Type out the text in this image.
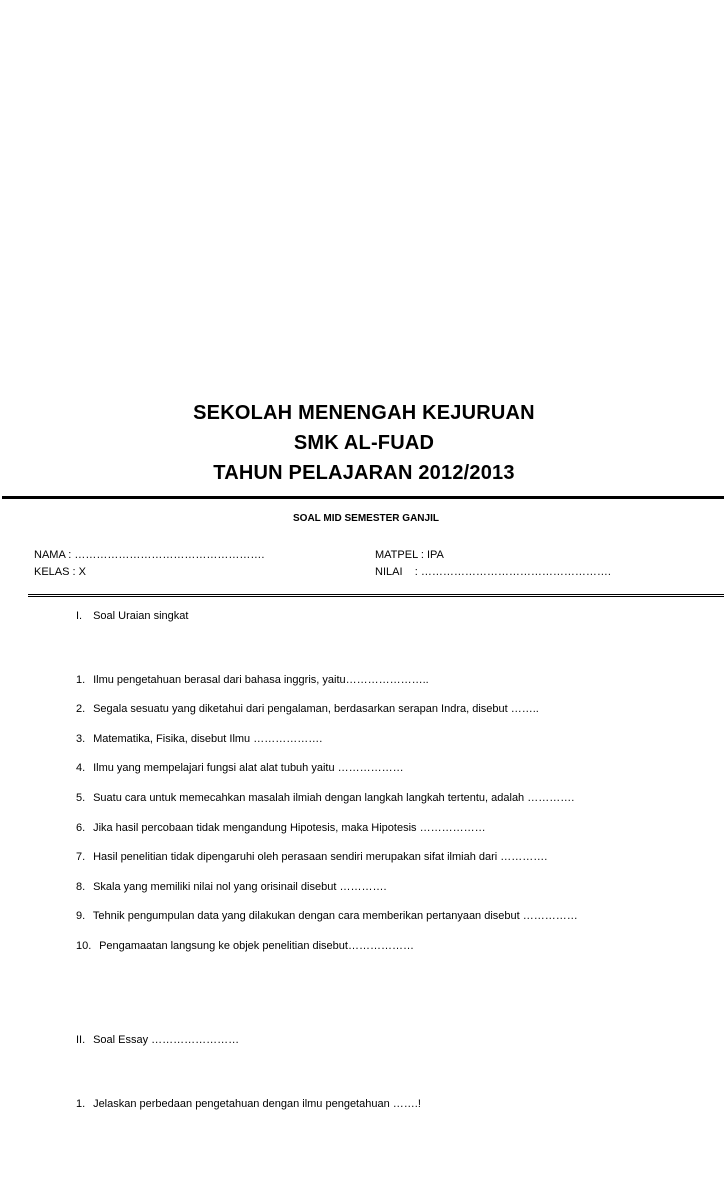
SEKOLAH MENENGAH KEJURUAN
SMK AL-FUAD
TAHUN PELAJARAN 2012/2013
SOAL MID SEMESTER GANJIL
NAMA : …………………………………………….
KELAS : X
MATPEL : IPA
NILAI : …………………………………………….
I. Soal Uraian singkat
1. Ilmu pengetahuan berasal dari bahasa inggris, yaitu…………………..
2. Segala sesuatu yang diketahui dari pengalaman, berdasarkan serapan Indra, disebut ……..
3. Matematika, Fisika, disebut Ilmu ……………….
4. Ilmu yang mempelajari fungsi alat alat tubuh yaitu ………………
5. Suatu cara untuk memecahkan masalah ilmiah dengan langkah langkah tertentu, adalah ………….
6. Jika hasil percobaan tidak mengandung Hipotesis, maka Hipotesis ………………
7. Hasil penelitian tidak dipengaruhi oleh perasaan sendiri merupakan sifat ilmiah dari ………….
8. Skala yang memiliki nilai nol yang orisinail disebut ………….
9. Tehnik pengumpulan data yang dilakukan dengan cara memberikan pertanyaan disebut ……………
10. Pengamaatan langsung ke objek penelitian disebut………………
II. Soal Essay ……………………
1. Jelaskan perbedaan pengetahuan dengan ilmu pengetahuan …….!
